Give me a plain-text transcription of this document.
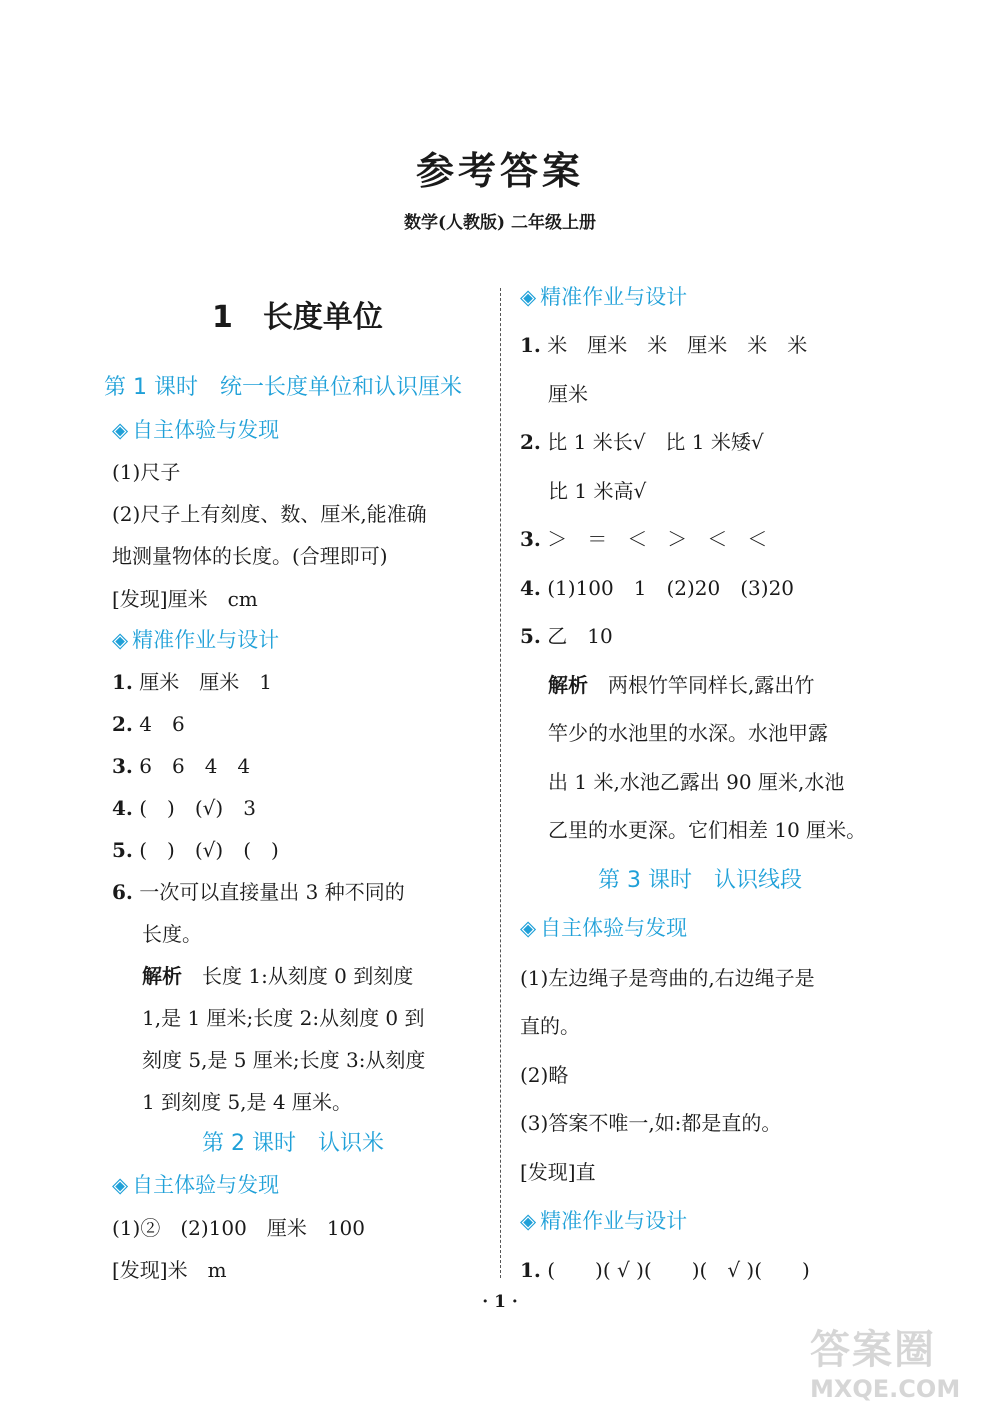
参考答案
数学(人教版) 二年级上册
1　长度单位
第 1 课时　统一长度单位和认识厘米
◈ 自主体验与发现
(1)尺子
(2)尺子上有刻度、数、厘米,能准确
地测量物体的长度。(合理即可)
[发现]厘米　cm
◈ 精准作业与设计
1. 厘米　厘米　1
2. 4　6
3. 6　6　4　4
4. (　)　(√)　3
5. (　)　(√)　(　)
6. 一次可以直接量出 3 种不同的
长度。
解析　 长度 1:从刻度 0 到刻度
1,是 1 厘米;长度 2:从刻度 0 到
刻度 5,是 5 厘米;长度 3:从刻度
1 到刻度 5,是 4 厘米。
第 2 课时　认识米
◈ 自主体验与发现
(1)②　(2)100　厘米　100
[发现]米　m
◈ 精准作业与设计
1. 米　厘米　米　厘米　米　米
厘米
2. 比 1 米长√　比 1 米矮√
比 1 米高√
3. ＞　＝　＜　＞　＜　＜
4. (1)100　1　(2)20　(3)20
5. 乙　10
解析　 两根竹竿同样长,露出竹
竿少的水池里的水深。水池甲露
出 1 米,水池乙露出 90 厘米,水池
乙里的水更深。它们相差 10 厘米。
第 3 课时　认识线段
◈ 自主体验与发现
(1)左边绳子是弯曲的,右边绳子是
直的。
(2)略
(3)答案不唯一,如:都是直的。
[发现]直
◈ 精准作业与设计
1. (　　)( √ )(　　)(　√ )(　　)
· 1 ·
答案圈
MXQE.COM
